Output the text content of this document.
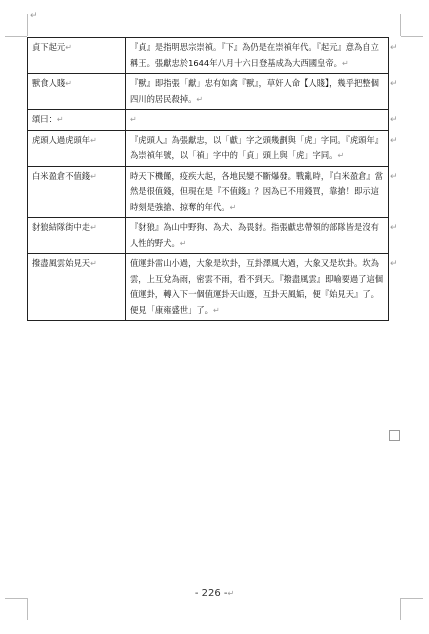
↵
貞下起元↵	『貞』是指明思宗崇禎。『下』為仍是在崇禎年代。『起元』意為自立稱王。張獻忠於1644年八月十六日登基成為大西國皇帝。↵
獸食人賤↵	『獸』即指張「獻」忠有如禽『獸』，草奸人命【人賤】，幾乎把整個四川的居民殺掉。↵
頌曰：↵	↵
虎頭人過虎頭年↵	『虎頭人』為張獻忠，以「獻」字之頭幾劃與「虎」字同。『虎頭年』為崇禎年號，以「禎」字中的「貞」頭上與「虎」字同。↵
白米盈倉不值錢↵	時天下機饉，疫疾大起，各地民變不斷爆發。戰亂時，『白米盈倉』當然是很值錢，但現在是『不值錢』？因為已不用錢買，靠搶！即示這時刻是強搶、掠奪的年代。↵
豺狼結隊街中走↵	『豺狼』為山中野狗、為犬、為畏豺。指張獻忠帶領的部隊皆是沒有人性的野犬。↵
撥盡風雲始見天↵	值運卦雷山小過，大象是坎卦，互卦澤風大過，大象又是坎卦。坎為雲，上互兌為雨，密雲不雨，看不到天。『撥盡風雲』即喻要過了這個值運卦，轉入下一個值運卦天山遯，互卦天風姤，便『始見天』了。便見「康雍盛世」了。↵
- 226 -↵
↵
↵
↵
↵
↵
↵
↵
